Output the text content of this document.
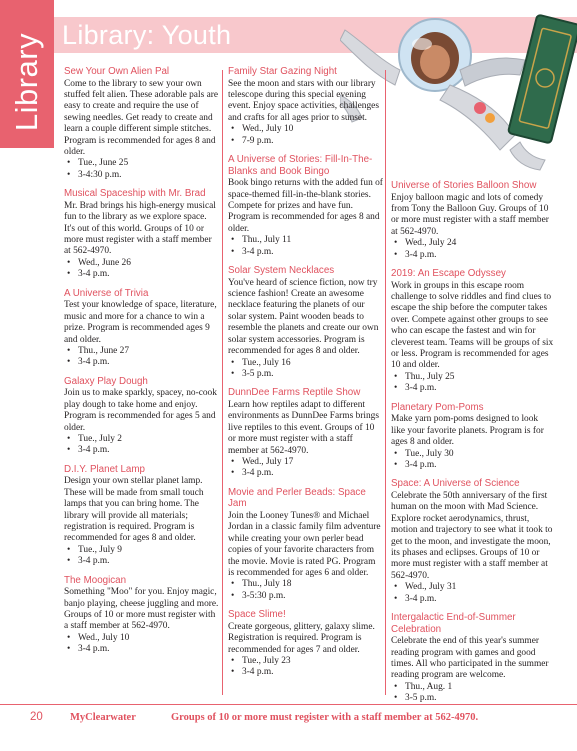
Library Library: Youth
Sew Your Own Alien Pal
Come to the library to sew your own stuffed felt alien. These adorable pals are easy to create and require the use of sewing needles. Get ready to create and learn a couple different simple stitches. Program is recommended for ages 8 and older.
• Tue., June 25
• 3-4:30 p.m.
Musical Spaceship with Mr. Brad
Mr. Brad brings his high-energy musical fun to the library as we explore space. It's out of this world. Groups of 10 or more must register with a staff member at 562-4970.
• Wed., June 26
• 3-4 p.m.
A Universe of Trivia
Test your knowledge of space, literature, music and more for a chance to win a prize. Program is recommended ages 9 and older.
• Thu., June 27
• 3-4 p.m.
Galaxy Play Dough
Join us to make sparkly, spacey, no-cook play dough to take home and enjoy. Program is recommended for ages 5 and older.
• Tue., July 2
• 3-4 p.m.
D.I.Y. Planet Lamp
Design your own stellar planet lamp. These will be made from small touch lamps that you can bring home. The library will provide all materials; registration is required. Program is recommended for ages 8 and older.
• Tue., July 9
• 3-4 p.m.
The Moogican
Something "Moo" for you. Enjoy magic, banjo playing, cheese juggling and more. Groups of 10 or more must register with a staff member at 562-4970.
• Wed., July 10
• 3-4 p.m.
Family Star Gazing Night
See the moon and stars with our library telescope during this special evening event. Enjoy space activities, challenges and crafts for all ages prior to sunset.
• Wed., July 10
• 7-9 p.m.
A Universe of Stories: Fill-In-The-Blanks and Book Bingo
Book bingo returns with the added fun of space-themed fill-in-the-blank stories. Compete for prizes and have fun. Program is recommended for ages 8 and older.
• Thu., July 11
• 3-4 p.m.
Solar System Necklaces
You've heard of science fiction, now try science fashion! Create an awesome necklace featuring the planets of our solar system. Paint wooden beads to resemble the planets and create our own solar system accessories. Program is recommended for ages 8 and older.
• Tue., July 16
• 3-5 p.m.
DunnDee Farms Reptile Show
Learn how reptiles adapt to different environments as DunnDee Farms brings live reptiles to this event. Groups of 10 or more must register with a staff member at 562-4970.
• Wed., July 17
• 3-4 p.m.
Movie and Perler Beads: Space Jam
Join the Looney Tunes® and Michael Jordan in a classic family film adventure while creating your own perler bead copies of your favorite characters from the movie. Movie is rated PG. Program is recommended for ages 6 and older.
• Thu., July 18
• 3-5:30 p.m.
Space Slime!
Create gorgeous, glittery, galaxy slime. Registration is required. Program is recommended for ages 7 and older.
• Tue., July 23
• 3-4 p.m.
Universe of Stories Balloon Show
Enjoy balloon magic and lots of comedy from Tony the Balloon Guy. Groups of 10 or more must register with a staff member at 562-4970.
• Wed., July 24
• 3-4 p.m.
2019: An Escape Odyssey
Work in groups in this escape room challenge to solve riddles and find clues to escape the ship before the computer takes over. Compete against other groups to see who can escape the fastest and win for cleverest team. Teams will be groups of six or less. Program is recommended for ages 10 and older.
• Thu., July 25
• 3-4 p.m.
Planetary Pom-Poms
Make yarn pom-poms designed to look like your favorite planets. Program is for ages 8 and older.
• Tue., July 30
• 3-4 p.m.
Space: A Universe of Science
Celebrate the 50th anniversary of the first human on the moon with Mad Science. Explore rocket aerodynamics, thrust, motion and trajectory to see what it took to get to the moon, and investigate the moon, its phases and eclipses. Groups of 10 or more must register with a staff member at 562-4970.
• Wed., July 31
• 3-4 p.m.
Intergalactic End-of-Summer Celebration
Celebrate the end of this year's summer reading program with games and good times. All who participated in the summer reading program are welcome.
• Thu., Aug. 1
• 3-5 p.m.
20	MyClearwater	Groups of 10 or more must register with a staff member at 562-4970.
